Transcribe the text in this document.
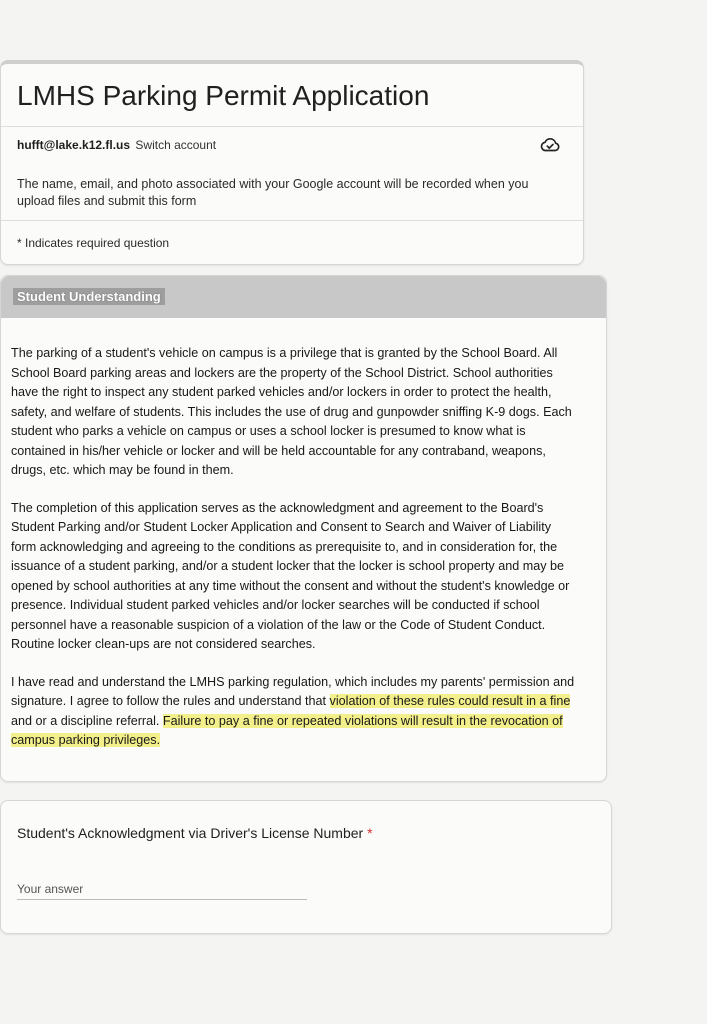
LMHS Parking Permit Application
hufft@lake.k12.fl.us Switch account
The name, email, and photo associated with your Google account will be recorded when you upload files and submit this form
* Indicates required question
Student Understanding

The parking of a student's vehicle on campus is a privilege that is granted by the School Board. All School Board parking areas and lockers are the property of the School District. School authorities have the right to inspect any student parked vehicles and/or lockers in order to protect the health, safety, and welfare of students. This includes the use of drug and gunpowder sniffing K-9 dogs. Each student who parks a vehicle on campus or uses a school locker is presumed to know what is contained in his/her vehicle or locker and will be held accountable for any contraband, weapons, drugs, etc. which may be found in them.

The completion of this application serves as the acknowledgment and agreement to the Board's Student Parking and/or Student Locker Application and Consent to Search and Waiver of Liability form acknowledging and agreeing to the conditions as prerequisite to, and in consideration for, the issuance of a student parking, and/or a student locker that the locker is school property and may be opened by school authorities at any time without the consent and without the student's knowledge or presence. Individual student parked vehicles and/or locker searches will be conducted if school personnel have a reasonable suspicion of a violation of the law or the Code of Student Conduct. Routine locker clean-ups are not considered searches.

I have read and understand the LMHS parking regulation, which includes my parents' permission and signature. I agree to follow the rules and understand that violation of these rules could result in a fine and or a discipline referral. Failure to pay a fine or repeated violations will result in the revocation of campus parking privileges.

Student's Acknowledgment via Driver's License Number *
Your answer
